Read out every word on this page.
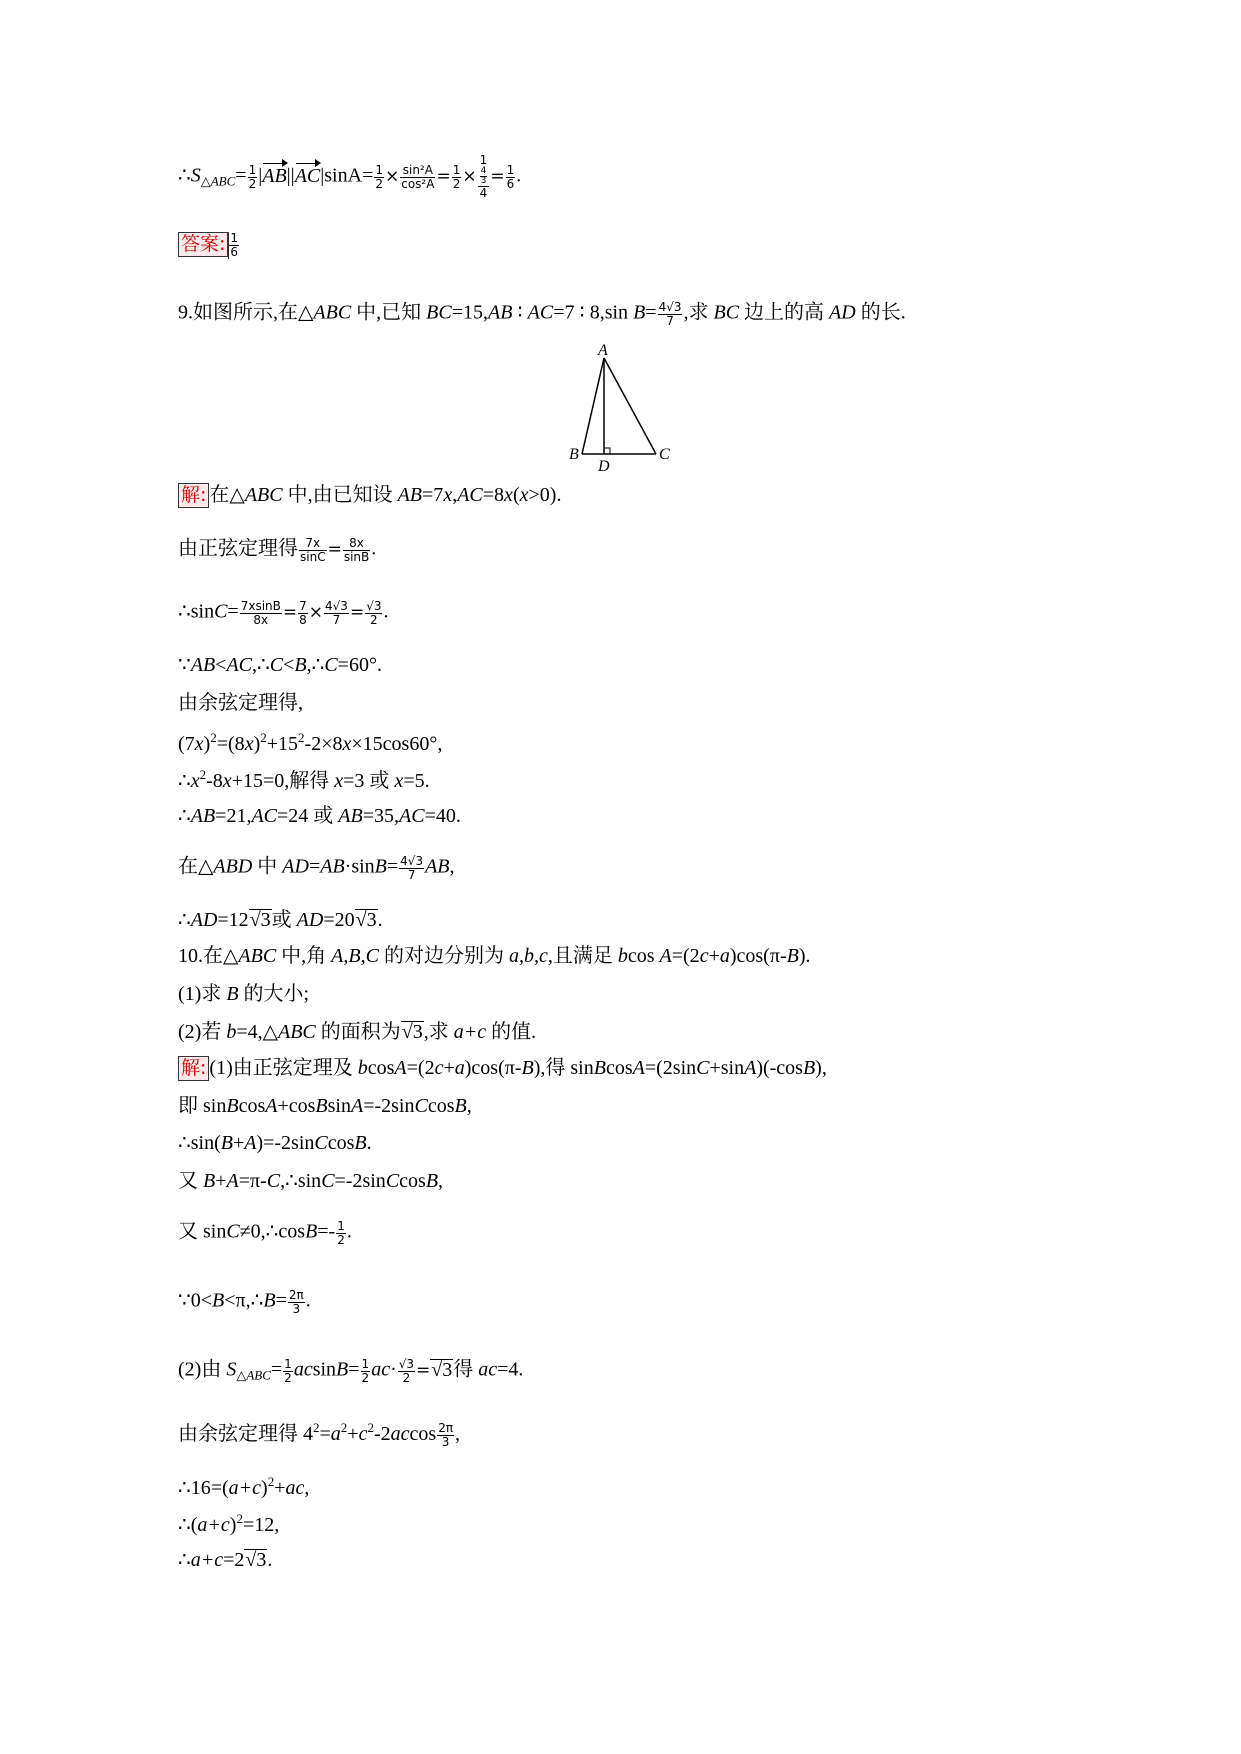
$\therefore S_{\triangle ABC}= \frac{1}{2} |AB||AC|\sin A= \frac{1}{2} \times \frac{\text{sin²A}}{\text{cos²A}} = \frac{1}{2}$ ×
1

$\frac{4}{3}$
4
= $\frac{1}{6}$ .
答案: $\frac{1}{6}$
9.如图所示,在△ABC 中,已知 BC=15,AB ∶ AC=7 ∶ 8,sin $B= \frac{4√3}{7}$ ,求 BC 边上的高 AD 的长.
A
B	C
D
解: 在△ABC 中,由已知设 AB=7x,AC=8x(x>0).
由正弦定理得 $\frac{7x}{\sin C} = \frac{8x}{\sin B}$ .
∴sinC= $\frac{7xsinB}{8x} = \frac{7}{8} \times \frac{4√3}{7} = \frac{√3}{2}$ .
∵AB<AC,∴C<B,∴C=60°.
由余弦定理得,
$(7x)^2=(8x)^2+15^2-2\times 8x\times 15\cos 60^\circ$,
$\therefore x^2-8x+15=0$,解得 x=3 或 x=5.
∴AB=21,AC=24 或 AB=35,AC=40.
在△ABD 中 $AD=AB\cdot\sin B= \frac{4√3}{7}$ AB,
∴AD=12√3或 AD=20√3.
10.在△ABC 中,角 A,B,C 的对边分别为 a,b,c,且满足 bcos A=(2c+a)cos(π-B).
(1)求 B 的大小;
(2)若 b=4,△ABC 的面积为√3,求 a+c 的值.
解: (1)由正弦定理及 bcosA=(2c+a)cos(π-B),得 sinBcosA=(2sinC+sinA)(-cosB),
即 sinBcosA+cosBsinA=-2sinCcosB,
∴sin(B+A)=-2sinCcosB.
又 B+A=π-C,∴sinC=-2sinCcosB,
又 sinC≠0,∴cosB=- $\frac{1}{2}$ .
∵0<B<π,∴B= $\frac{2\pi}{3}$ .
(2)由 $S_{\triangle ABC}= \frac{1}{2} acsinB= \frac{1}{2} ac\cdot \frac{√3}{2} =√3$得 ac=4.
由余弦定理得 $4^2=a^2+c^2-2accos \frac{2\pi}{3}$ ,
$\therefore 16=(a+c)^2+ac$,
$\therefore(a+c)^2=12$,
∴a+c=2√3.
